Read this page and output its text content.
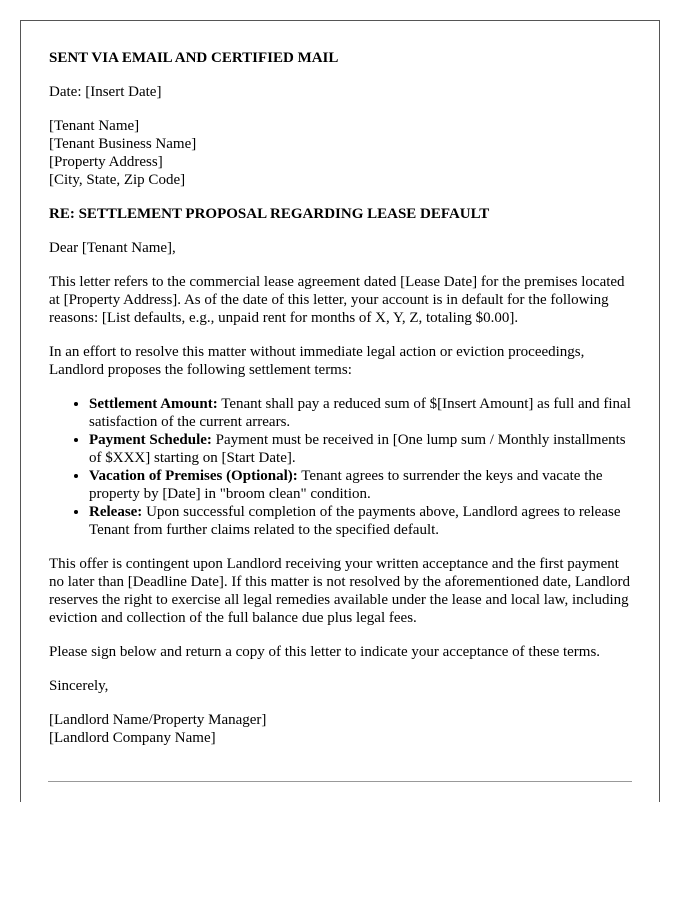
SENT VIA EMAIL AND CERTIFIED MAIL

Date: [Insert Date]

[Tenant Name]
[Tenant Business Name]
[Property Address]
[City, State, Zip Code]

RE: SETTLEMENT PROPOSAL REGARDING LEASE DEFAULT

Dear [Tenant Name],

This letter refers to the commercial lease agreement dated [Lease Date] for the premises located at [Property Address]. As of the date of this letter, your account is in default for the following reasons: [List defaults, e.g., unpaid rent for months of X, Y, Z, totaling $0.00].

In an effort to resolve this matter without immediate legal action or eviction proceedings, Landlord proposes the following settlement terms:

• Settlement Amount: Tenant shall pay a reduced sum of $[Insert Amount] as full and final satisfaction of the current arrears.
• Payment Schedule: Payment must be received in [One lump sum / Monthly installments of $XXX] starting on [Start Date].
• Vacation of Premises (Optional): Tenant agrees to surrender the keys and vacate the property by [Date] in "broom clean" condition.
• Release: Upon successful completion of the payments above, Landlord agrees to release Tenant from further claims related to the specified default.

This offer is contingent upon Landlord receiving your written acceptance and the first payment no later than [Deadline Date]. If this matter is not resolved by the aforementioned date, Landlord reserves the right to exercise all legal remedies available under the lease and local law, including eviction and collection of the full balance due plus legal fees.

Please sign below and return a copy of this letter to indicate your acceptance of these terms.

Sincerely,

[Landlord Name/Property Manager]
[Landlord Company Name]
